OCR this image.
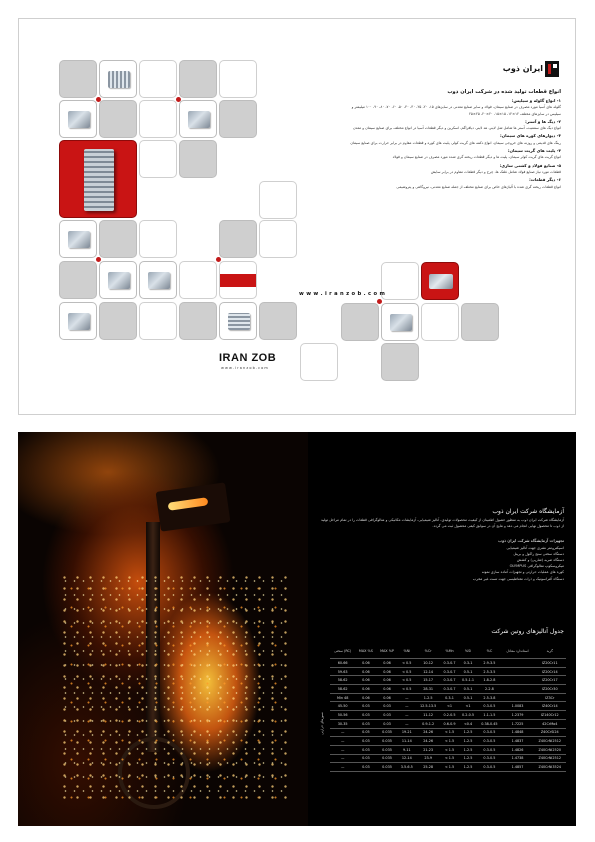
ایران ذوب
انواع قطعات تولید شده در شرکت ایران ذوب
۱- انواع گلوله و سیلپس:
گلوله های آسیا مورد مصرف در صنایع سیمان، فولاد و سایر صنایع معدنی در سایزهای ۱۵، ۲۰، ۲۵، ۳۰، ۴۰، ۵۰، ۶۰، ۷۰، ۸۰، ۹۰، ۱۰۰ میلیمتر و سیلپس در سایزهای مختلف ۱۲×۱۲، ۱۵×۱۵، ۲۰×۲۰، ۲۵×۲۵
۲- دیگ ها و آستر:
انواع دیگ های سمنتیت، آستر ها شامل شل لاینر، هد لاینر، دیافراگم، اسکرین و دیگر قطعات آسیا در انواع مختلف برای صنایع سیمان و معدن
۳- دیوارهای کوره های سیمان:
رینگ های قدیمی و روزنه های خروجی سیمان، انواع دکمه های گریت کولر، پلیت های کوره و قطعات مقاوم در برابر حرارت برای صنایع سیمان
۴- پلیت های گریت سیمان:
انواع گریت های گریت کولر سیمان، پلیت ها و دیگر قطعات ریخته گری شده مورد مصرف در صنایع سیمان و فولاد
۵- صنایع فولاد و کشتی سازی:
قطعات مورد نیاز صنایع فولاد شامل غلتک ها، چرخ و دیگر قطعات مقاوم در برابر سایش
۶- دیگر قطعات:
انواع قطعات ریخته گری شده با آلیاژهای خاص برای صنایع مختلف از جمله صنایع معدنی، نیروگاهی و پتروشیمی
w w w . i r a n z o b . c o m
IRAN ZOB
w w w . i r a n z o b . c o m
آزمایشگاه شرکت ایران ذوب
آزمایشگاه شرکت ایران ذوب به منظور حصول اطمینان از کیفیت محصولات تولیدی، آنالیز شیمیایی، آزمایشات مکانیکی و متالوگرافی قطعات را در تمام مراحل تولید از ذوب تا محصول نهایی انجام می دهد و نتایج آن در سوابق کیفی محصول ثبت می گردد.
تجهیزات آزمایشگاه شرکت ایران ذوب
اسپکترومتر نشری جهت آنالیز شیمیایی
دستگاه سختی سنج راکول و برینل
دستگاه ضربه (شارپی) و کشش
میکروسکوپ متالوگرافی OLYMPUS
کوره های عملیات حرارتی و تجهیزات آماده سازی نمونه
دستگاه آلتراسونیک و ذرات مغناطیسی جهت تست غیر مخرب
جدول آنالیزهای روتین شرکت
سختی (RC)	MAX %S	MAX %P	%Ni	%Cr	%Mn	%Si	%C	استاندارد معادل	گرید
60-66	0.06	0.06	< 0.5	10-12	0.3-0.7	0.3-1	2.9-3.5		IZ20Cr11
59-63	0.06	0.06	< 0.5	12-14	0.3-0.7	0.5-1	2.5-3.5		IZ20Cr14
58-62	0.06	0.06	< 0.5	15-17	0.3-0.7	0.5-1.1	1.8-2.8		IZ20Cr17
58-62	0.06	0.06	< 0.5	28-31	0.3-0.7	0.5-1	2-2.8		IZ20Cr30
Min 48	0.06	0.06	—	1-2.5	0.3-1	0.5-1	2.5-3.8		IZ3Cr
45-50	0.03	0.03	—	12.5-13.5	<1	<1	0.3-0.5	1.0083	IZ40Cr14
50-56	0.03	0.03	—	11-12	0.2-0.5	0.2-0.5	1.1-1.5	1.2379	IZ140Cr12
30-35	0.03	0.03	—	0.9-1.2	0.6-0.9	<0.4	0.38-0.45	1.7225	42CrMo4
—	0.05	0.035	19-21	24-26	< 1.5	1-2.5	0.3-0.5	1.4848	Z40CrSi24
—	0.03	0.035	11-14	24-26	< 1.5	1-2.5	0.3-0.5	1.4837	Z40CrNi2512
—	0.03	0.035	9-11	21-23	< 1.5	1-2.5	0.3-0.5	1.4826	Z40CrNi2520
—	0.03	0.035	12-14	23-9	< 1.5	1-2.5	0.3-0.5	1.4738	Z40CrNi2512
—	0.03	0.035	3.5-6.5	25-28	< 1.5	1-2.5	0.3-0.5	1.4857	Z40CrNi3524
نسوزهای حرارتی
